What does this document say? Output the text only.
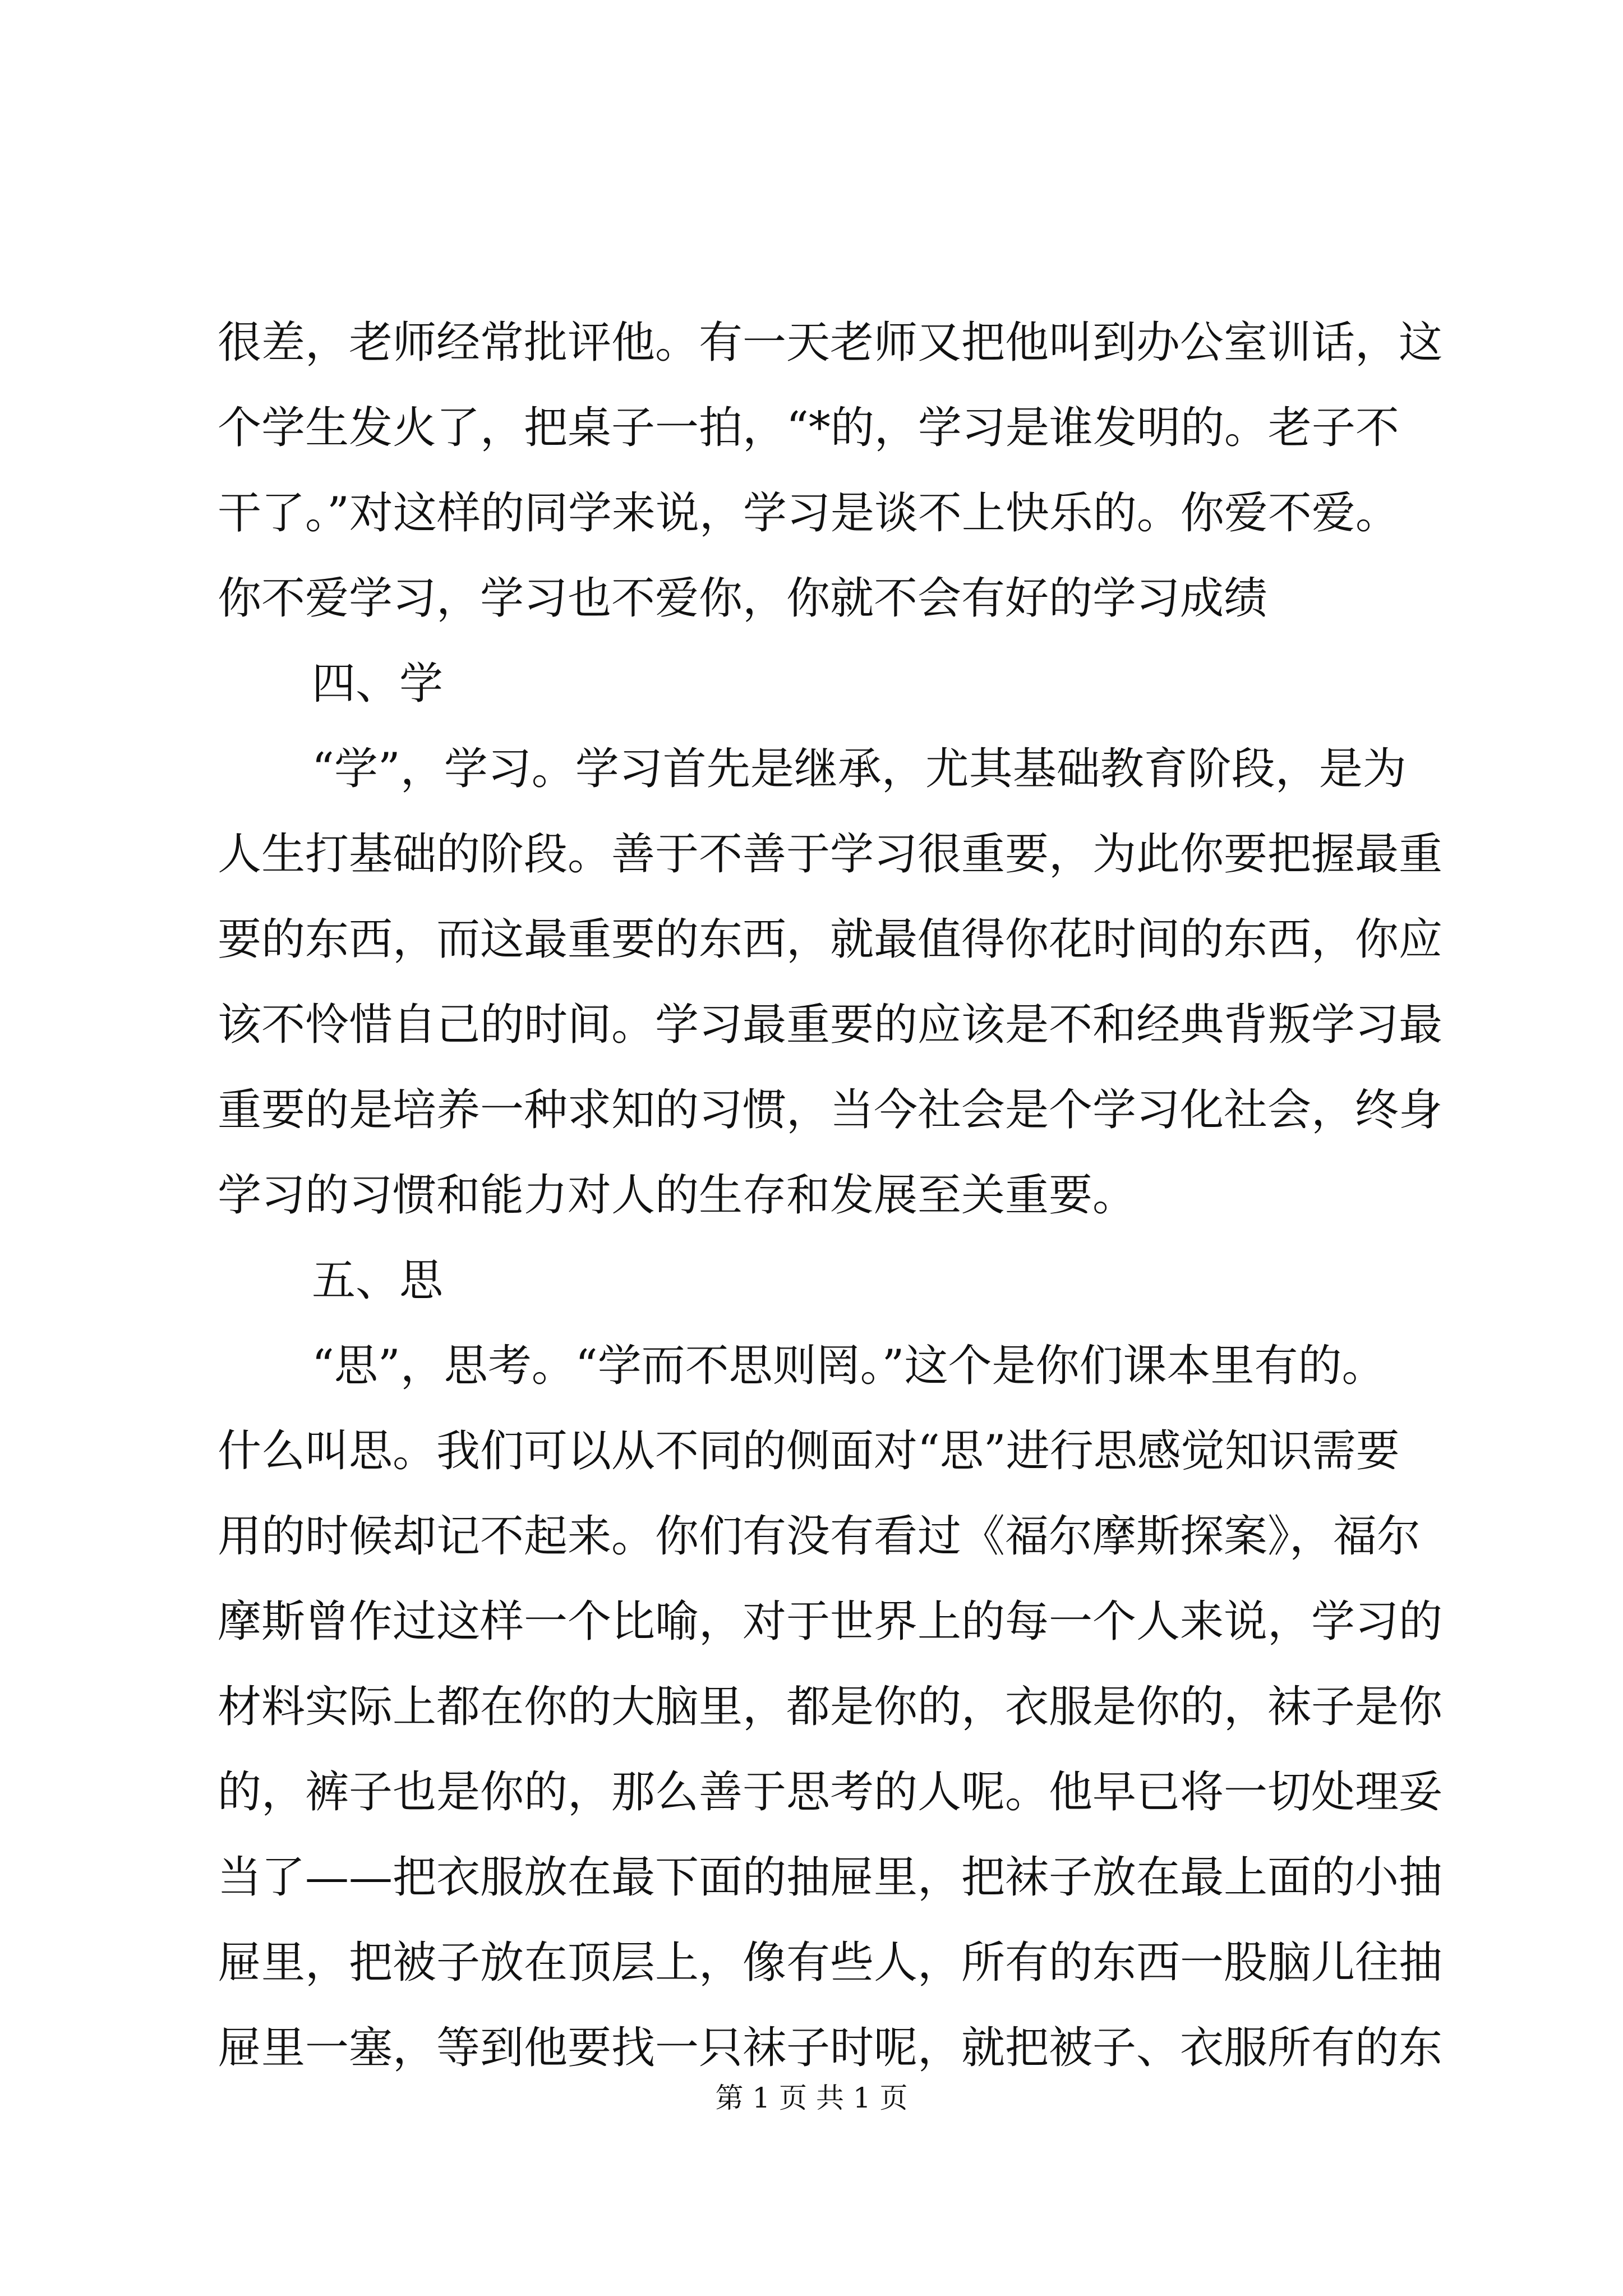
很差，老师经常批评他。有一天老师又把他叫到办公室训话，这
个学生发火了，把桌子一拍，“*的，学习是谁发明的。老子不
干了。”对这样的同学来说，学习是谈不上快乐的。你爱不爱。
你不爱学习，学习也不爱你，你就不会有好的学习成绩
四、学
“学”，学习。学习首先是继承，尤其基础教育阶段，是为
人生打基础的阶段。善于不善于学习很重要，为此你要把握最重
要的东西，而这最重要的东西，就最值得你花时间的东西，你应
该不怜惜自己的时间。学习最重要的应该是不和经典背叛学习最
重要的是培养一种求知的习惯，当今社会是个学习化社会，终身
学习的习惯和能力对人的生存和发展至关重要。
五、思
“思”，思考。“学而不思则罔。”这个是你们课本里有的。
什么叫思。我们可以从不同的侧面对“思”进行思感觉知识需要
用的时候却记不起来。你们有没有看过《福尔摩斯探案》，福尔
摩斯曾作过这样一个比喻，对于世界上的每一个人来说，学习的
材料实际上都在你的大脑里，都是你的，衣服是你的，袜子是你
的，裤子也是你的，那么善于思考的人呢。他早已将一切处理妥
当了——把衣服放在最下面的抽屉里，把袜子放在最上面的小抽
屉里，把被子放在顶层上，像有些人，所有的东西一股脑儿往抽
屉里一塞，等到他要找一只袜子时呢，就把被子、衣服所有的东
第 1 页 共 1 页
